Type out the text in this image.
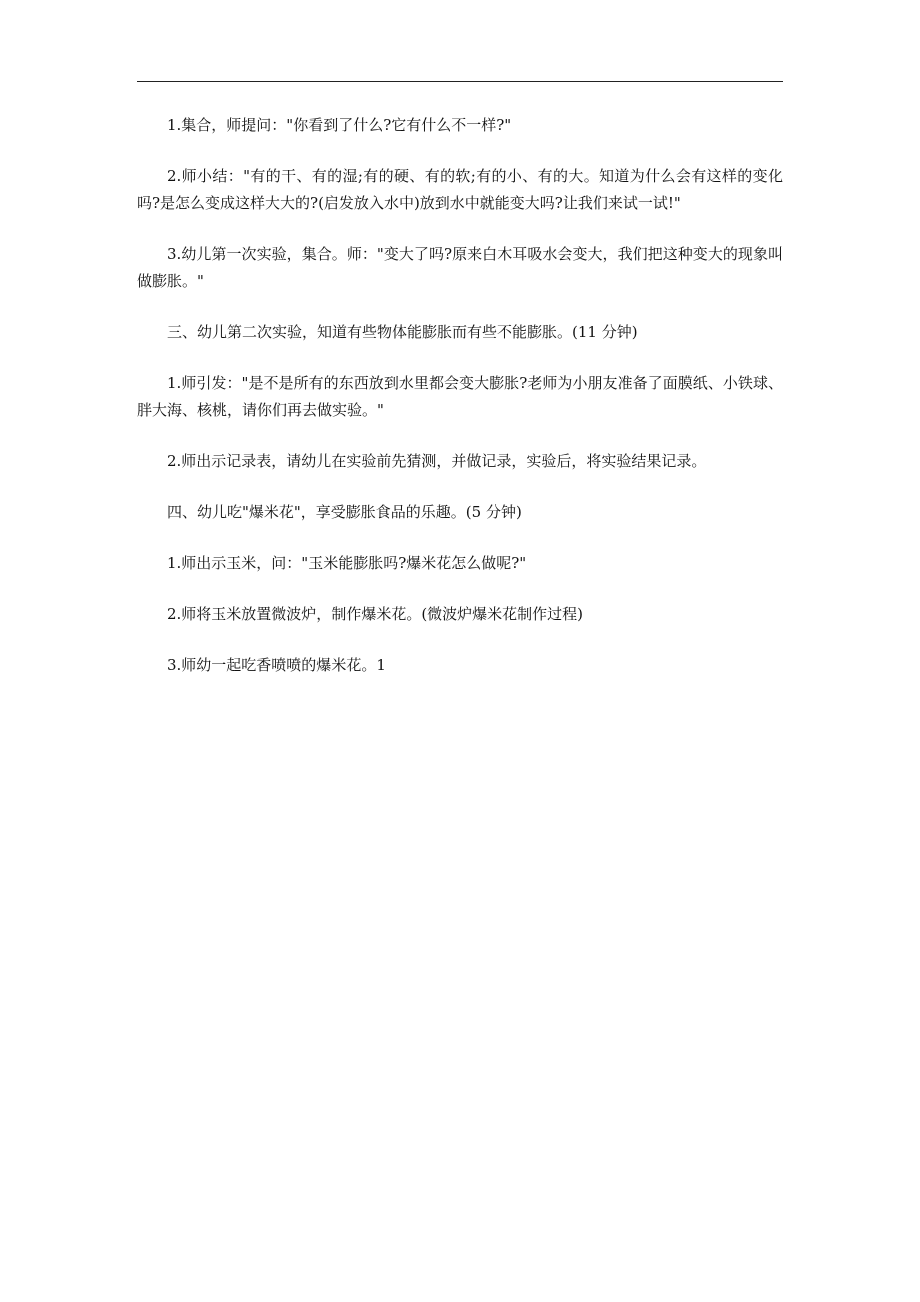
1.集合，师提问："你看到了什么?它有什么不一样?"

2.师小结："有的干、有的湿;有的硬、有的软;有的小、有的大。知道为什么会有这样的变化吗?是怎么变成这样大大的?(启发放入水中)放到水中就能变大吗?让我们来试一试!"

3.幼儿第一次实验，集合。师："变大了吗?原来白木耳吸水会变大，我们把这种变大的现象叫做膨胀。"

三、幼儿第二次实验，知道有些物体能膨胀而有些不能膨胀。(11 分钟)

1.师引发："是不是所有的东西放到水里都会变大膨胀?老师为小朋友准备了面膜纸、小铁球、胖大海、核桃，请你们再去做实验。"

2.师出示记录表，请幼儿在实验前先猜测，并做记录，实验后，将实验结果记录。

四、幼儿吃"爆米花"，享受膨胀食品的乐趣。(5 分钟)

1.师出示玉米，问："玉米能膨胀吗?爆米花怎么做呢?"

2.师将玉米放置微波炉，制作爆米花。(微波炉爆米花制作过程)

3.师幼一起吃香喷喷的爆米花。1
